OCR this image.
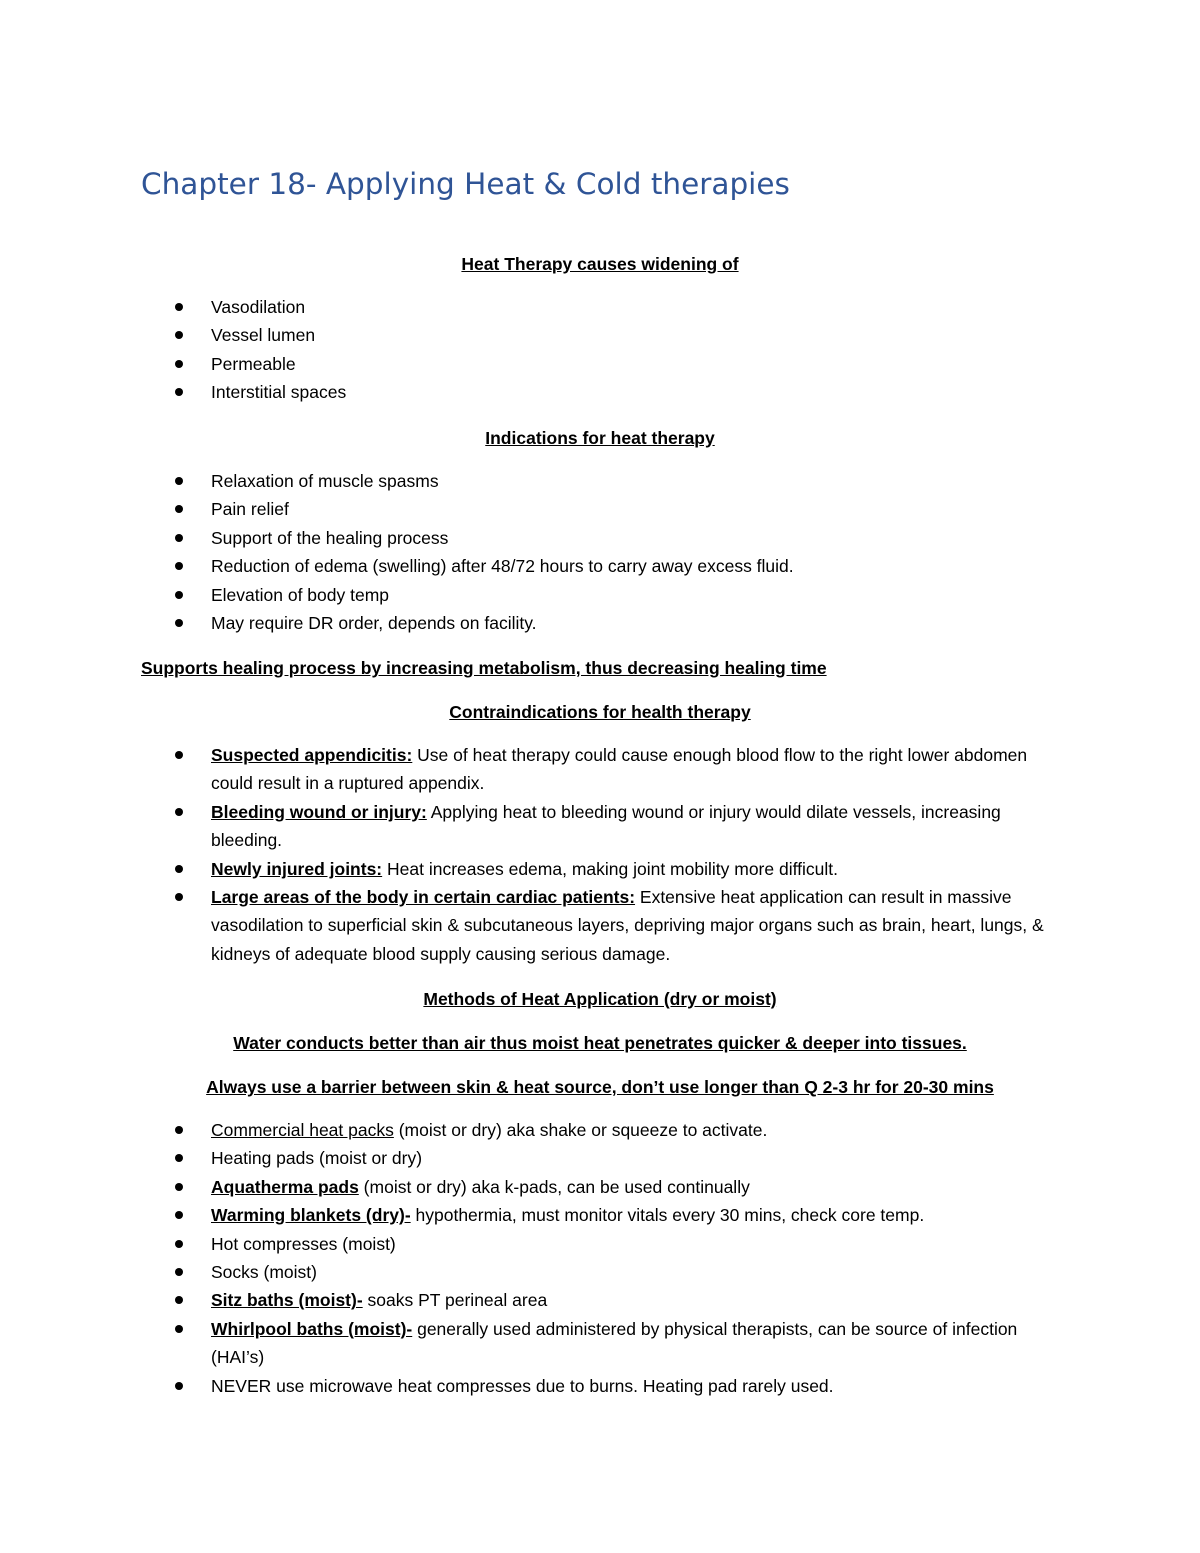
Chapter 18- Applying Heat & Cold therapies

Heat Therapy causes widening of

Vasodilation
Vessel lumen
Permeable
Interstitial spaces

Indications for heat therapy

Relaxation of muscle spasms
Pain relief
Support of the healing process
Reduction of edema (swelling) after 48/72 hours to carry away excess fluid.
Elevation of body temp
May require DR order, depends on facility.

Supports healing process by increasing metabolism, thus decreasing healing time

Contraindications for health therapy

Suspected appendicitis: Use of heat therapy could cause enough blood flow to the right lower abdomen could result in a ruptured appendix.
Bleeding wound or injury: Applying heat to bleeding wound or injury would dilate vessels, increasing bleeding.
Newly injured joints: Heat increases edema, making joint mobility more difficult.
Large areas of the body in certain cardiac patients: Extensive heat application can result in massive vasodilation to superficial skin & subcutaneous layers, depriving major organs such as brain, heart, lungs, & kidneys of adequate blood supply causing serious damage.

Methods of Heat Application (dry or moist)

Water conducts better than air thus moist heat penetrates quicker & deeper into tissues.

Always use a barrier between skin & heat source, don’t use longer than Q 2-3 hr for 20-30 mins

Commercial heat packs (moist or dry) aka shake or squeeze to activate.
Heating pads (moist or dry)
Aquatherma pads (moist or dry) aka k-pads, can be used continually
Warming blankets (dry)- hypothermia, must monitor vitals every 30 mins, check core temp.
Hot compresses (moist)
Socks (moist)
Sitz baths (moist)- soaks PT perineal area
Whirlpool baths (moist)- generally used administered by physical therapists, can be source of infection (HAI’s)
NEVER use microwave heat compresses due to burns. Heating pad rarely used.
